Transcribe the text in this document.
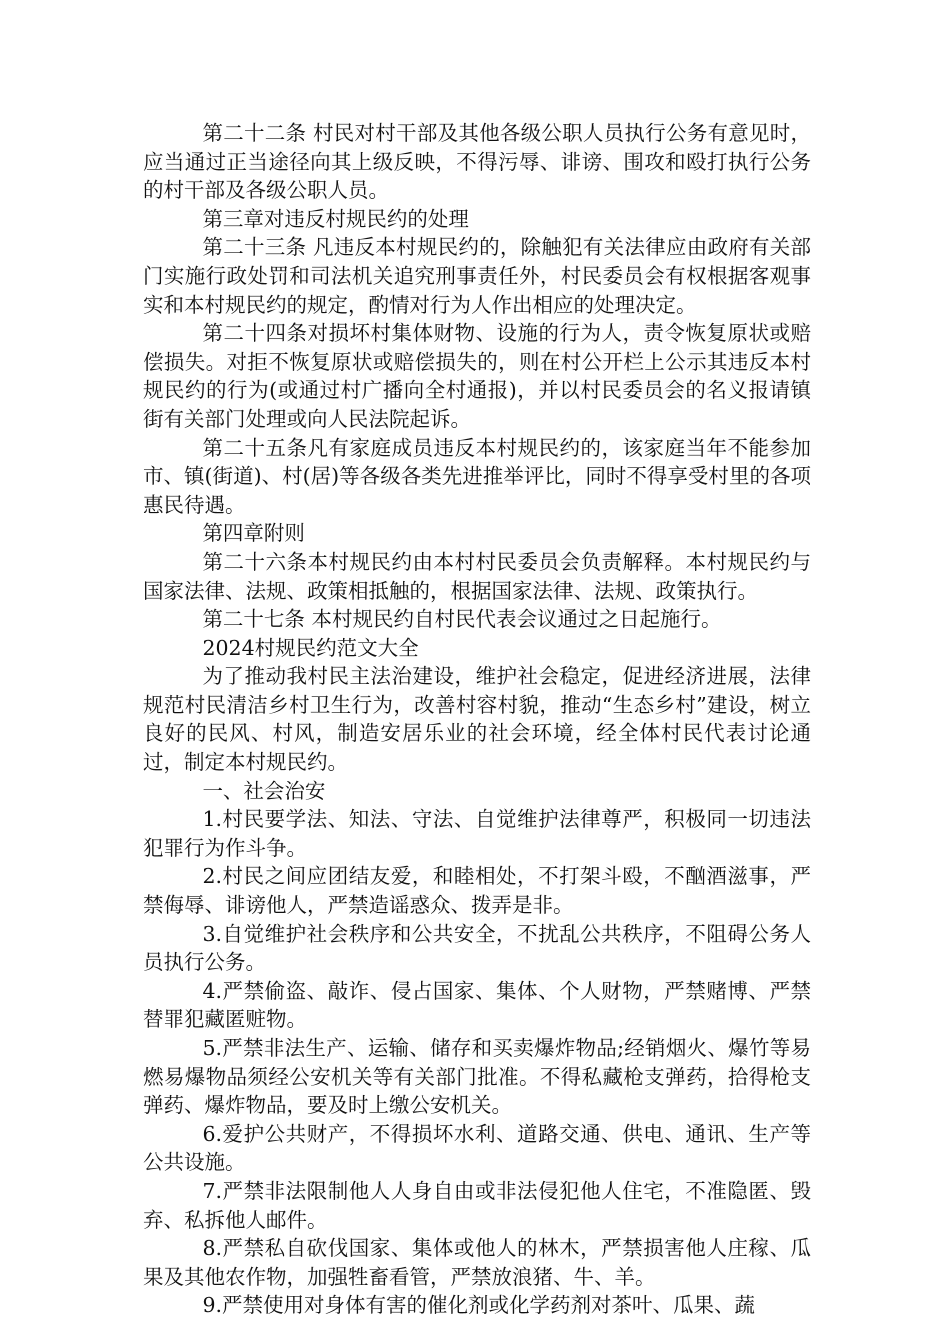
第二十二条 村民对村干部及其他各级公职人员执行公务有意见时，应当通过正当途径向其上级反映，不得污辱、诽谤、围攻和殴打执行公务的村干部及各级公职人员。

第三章对违反村规民约的处理

第二十三条 凡违反本村规民约的，除触犯有关法律应由政府有关部门实施行政处罚和司法机关追究刑事责任外，村民委员会有权根据客观事实和本村规民约的规定，酌情对行为人作出相应的处理决定。

第二十四条对损坏村集体财物、设施的行为人，责令恢复原状或赔偿损失。对拒不恢复原状或赔偿损失的，则在村公开栏上公示其违反本村规民约的行为(或通过村广播向全村通报)，并以村民委员会的名义报请镇街有关部门处理或向人民法院起诉。

第二十五条凡有家庭成员违反本村规民约的，该家庭当年不能参加市、镇(街道)、村(居)等各级各类先进推举评比，同时不得享受村里的各项惠民待遇。

第四章附则

第二十六条本村规民约由本村村民委员会负责解释。本村规民约与国家法律、法规、政策相抵触的，根据国家法律、法规、政策执行。

第二十七条 本村规民约自村民代表会议通过之日起施行。

2024村规民约范文大全

为了推动我村民主法治建设，维护社会稳定，促进经济进展，法律规范村民清洁乡村卫生行为，改善村容村貌，推动“生态乡村”建设，树立良好的民风、村风，制造安居乐业的社会环境，经全体村民代表讨论通过，制定本村规民约。

一、社会治安

1.村民要学法、知法、守法、自觉维护法律尊严，积极同一切违法犯罪行为作斗争。

2.村民之间应团结友爱，和睦相处，不打架斗殴，不酗酒滋事，严禁侮辱、诽谤他人，严禁造谣惑众、拨弄是非。

3.自觉维护社会秩序和公共安全，不扰乱公共秩序，不阻碍公务人员执行公务。

4.严禁偷盗、敲诈、侵占国家、集体、个人财物，严禁赌博、严禁替罪犯藏匿赃物。

5.严禁非法生产、运输、储存和买卖爆炸物品;经销烟火、爆竹等易燃易爆物品须经公安机关等有关部门批准。不得私藏枪支弹药，拾得枪支弹药、爆炸物品，要及时上缴公安机关。

6.爱护公共财产，不得损坏水利、道路交通、供电、通讯、生产等公共设施。

7.严禁非法限制他人人身自由或非法侵犯他人住宅，不准隐匿、毁弃、私拆他人邮件。

8.严禁私自砍伐国家、集体或他人的林木，严禁损害他人庄稼、瓜果及其他农作物，加强牲畜看管，严禁放浪猪、牛、羊。

9.严禁使用对身体有害的催化剂或化学药剂对茶叶、瓜果、蔬
